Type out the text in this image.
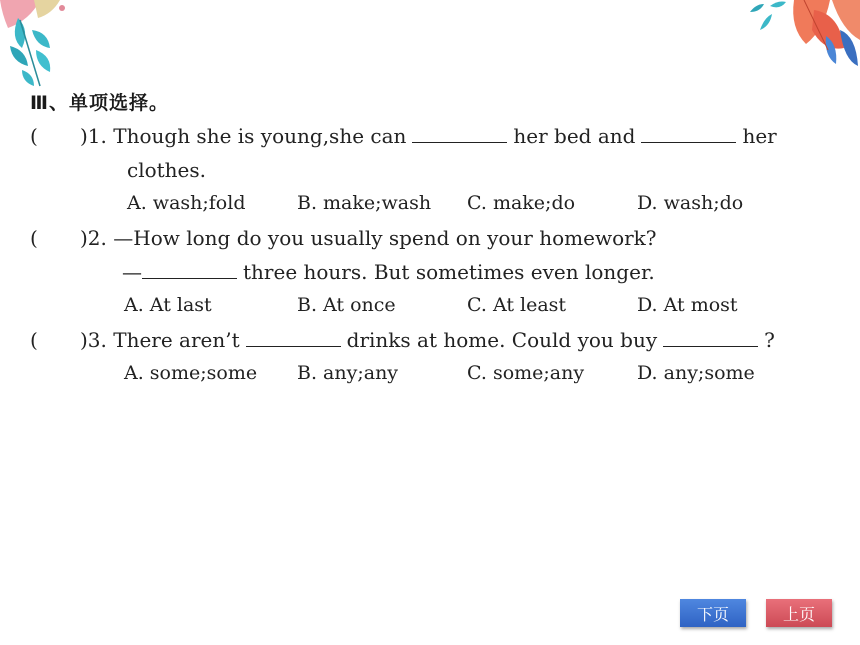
Ⅲ、单项选择。
( )1. Though she is young,she can	her bed and	her
clothes.
A. wash;fold	B. make;wash C. make;do	D. wash;do
( )2. —How long do you usually spend on your homework?
—	three hours. But sometimes even longer.
A. At last	B. At once	C. At least	D. At most
( )3. There aren’t	drinks at home. Could you buy	?
A. some;some B. any;any	C. some;any	D. any;some
下页	上页
